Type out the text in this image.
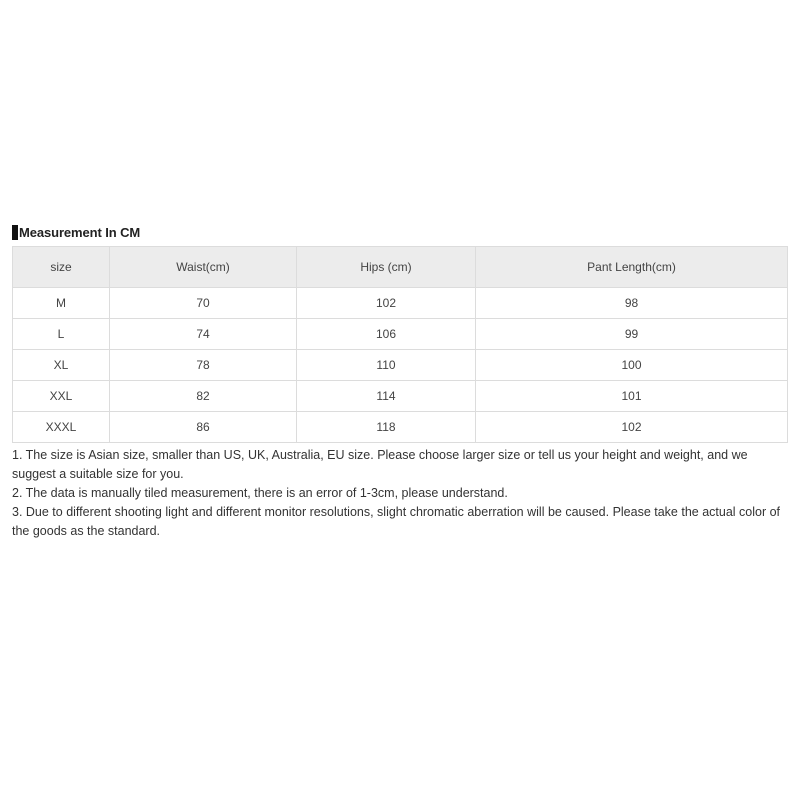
Measurement In CM
size	Waist(cm)	Hips (cm)	Pant Length(cm)
M	70	102	98
L	74	106	99
XL	78	110	100
XXL	82	114	101
XXXL	86	118	102

1. The size is Asian size, smaller than US, UK, Australia, EU size. Please choose larger size or tell us your height and weight, and we suggest a suitable size for you.

2. The data is manually tiled measurement, there is an error of 1-3cm, please understand.

3. Due to different shooting light and different monitor resolutions, slight chromatic aberration will be caused. Please take the actual color of the goods as the standard.
